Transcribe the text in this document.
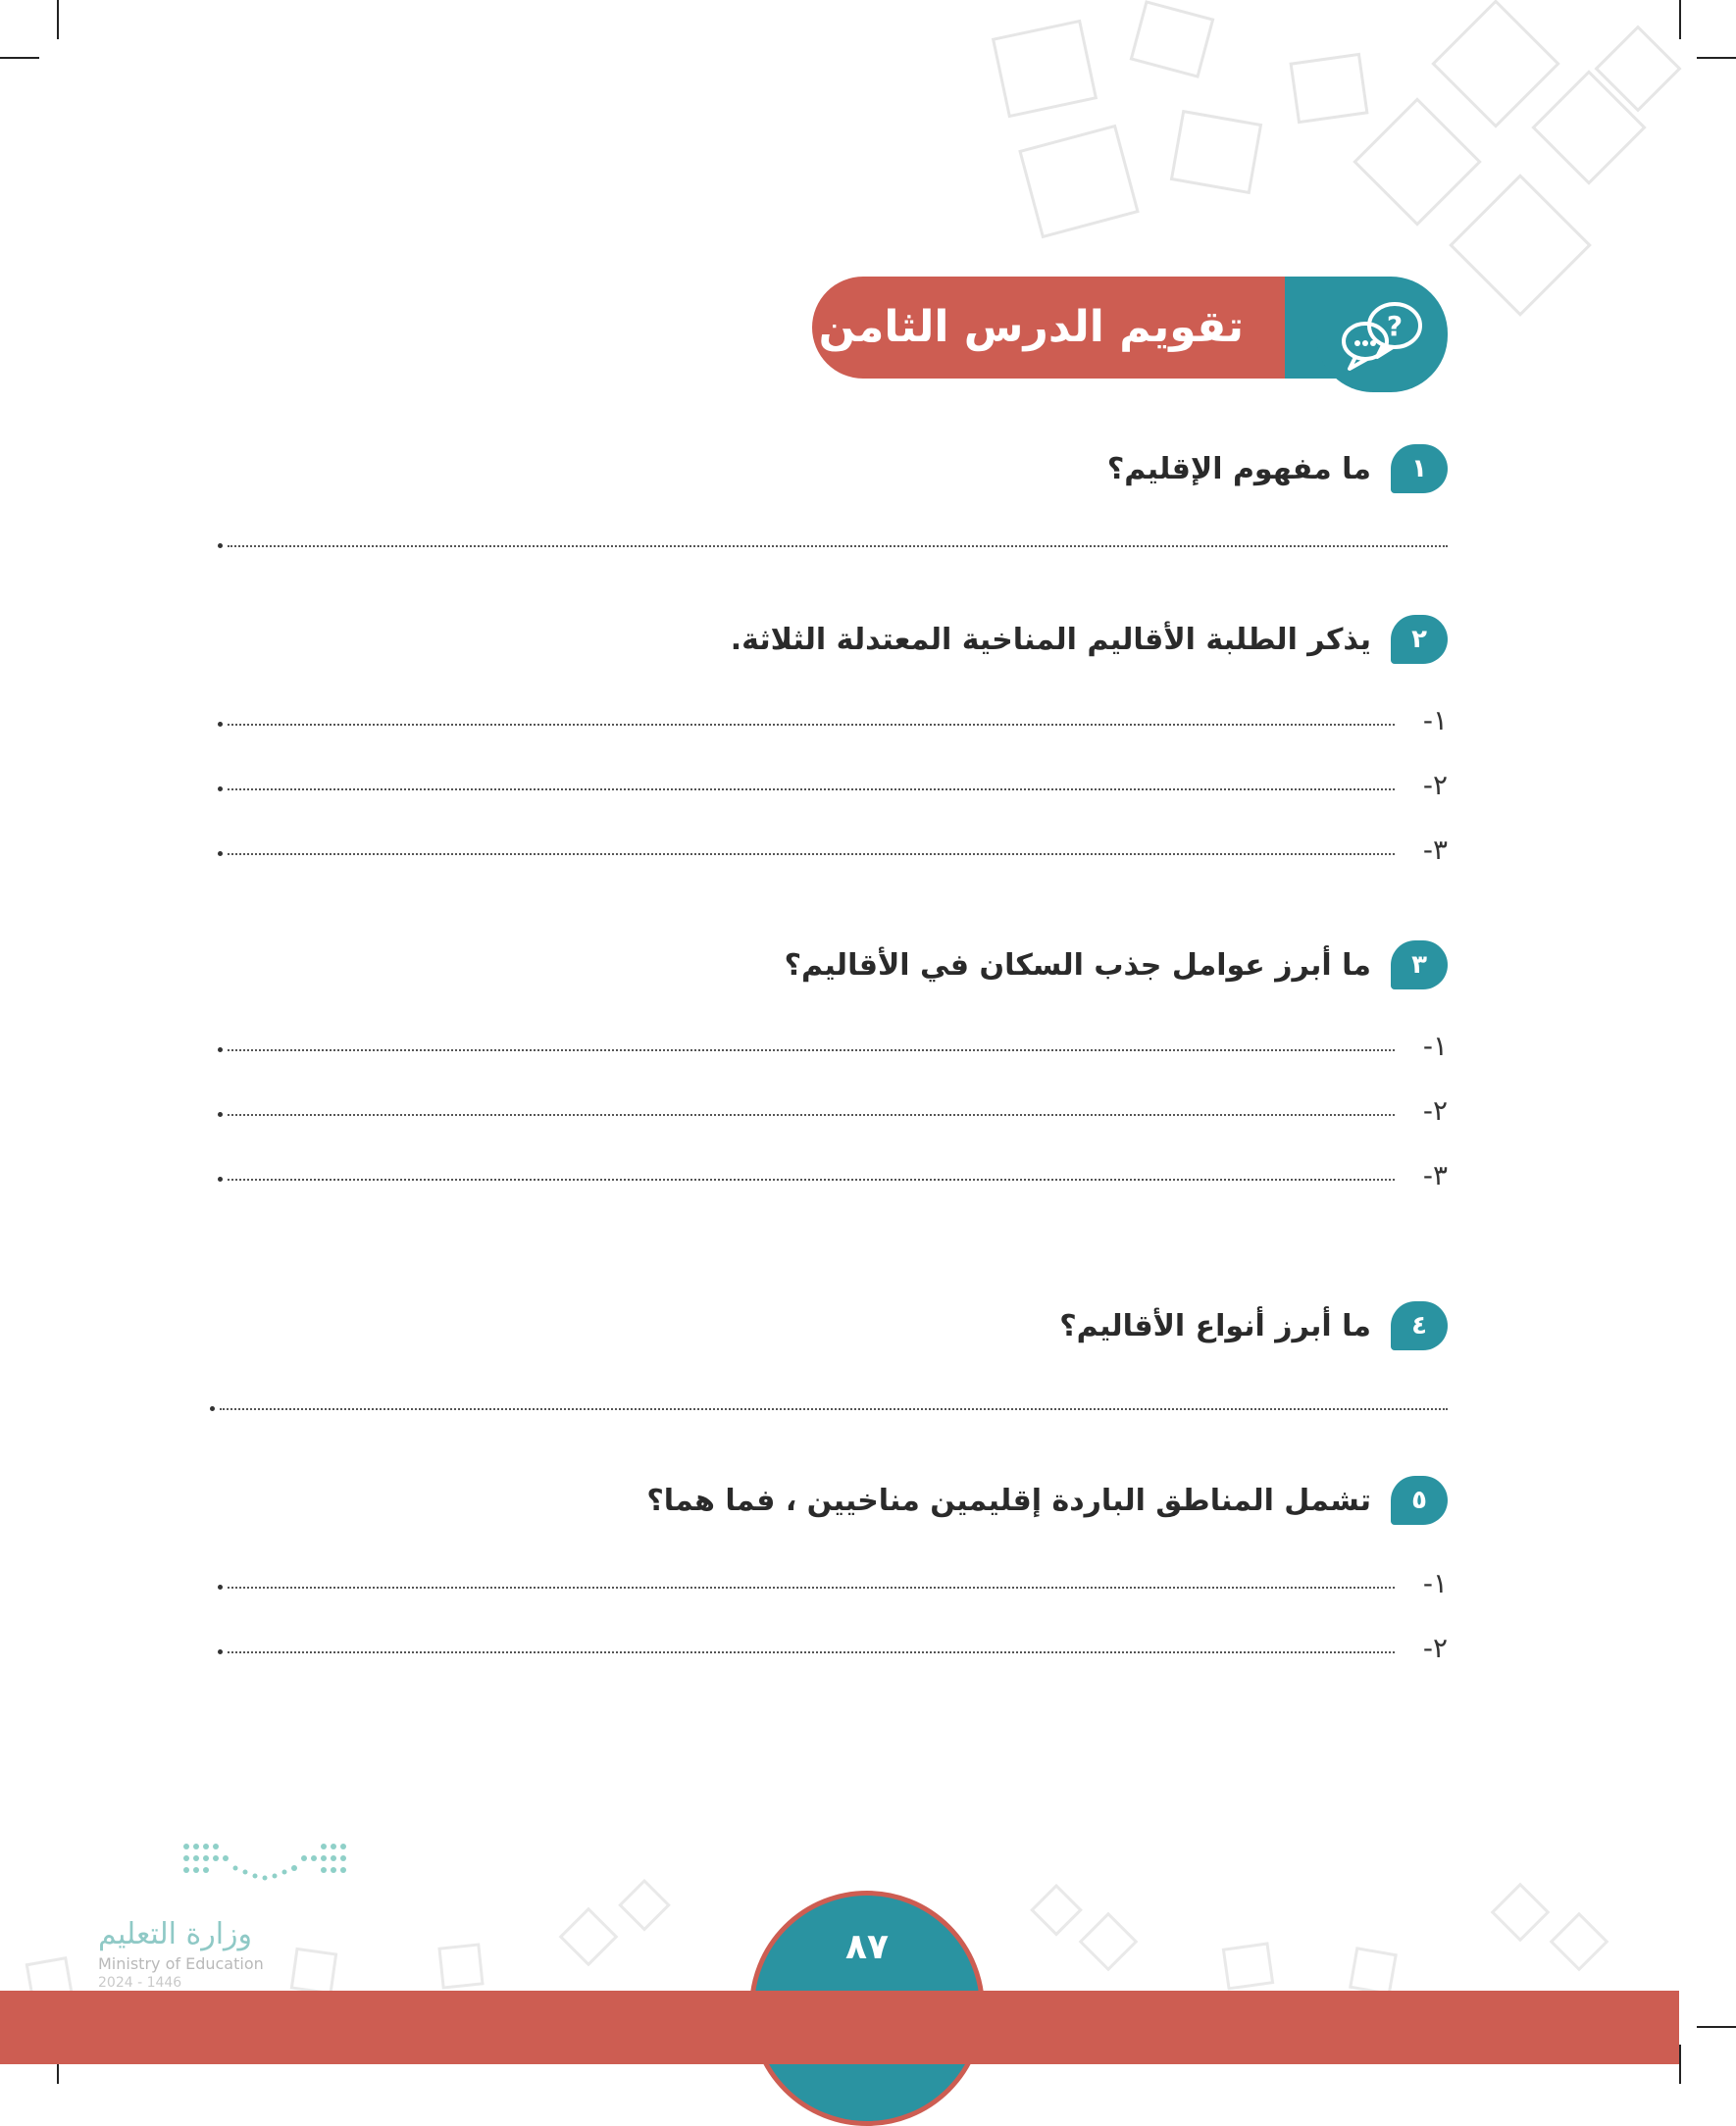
تقويم الدرس الثامن	?
١
ما مفهوم الإقليم؟
٢
يذكر الطلبة الأقاليم المناخية المعتدلة الثلاثة.
١-
٢-
٣-
٣
ما أبرز عوامل جذب السكان في الأقاليم؟
١-
٢-
٣-
٤
ما أبرز أنواع الأقاليم؟
٥
تشمل المناطق الباردة إقليمين مناخيين ، فما هما؟
١-
٢-
٨٧
وزارة التعليم
Ministry of Education
2024 - 1446
